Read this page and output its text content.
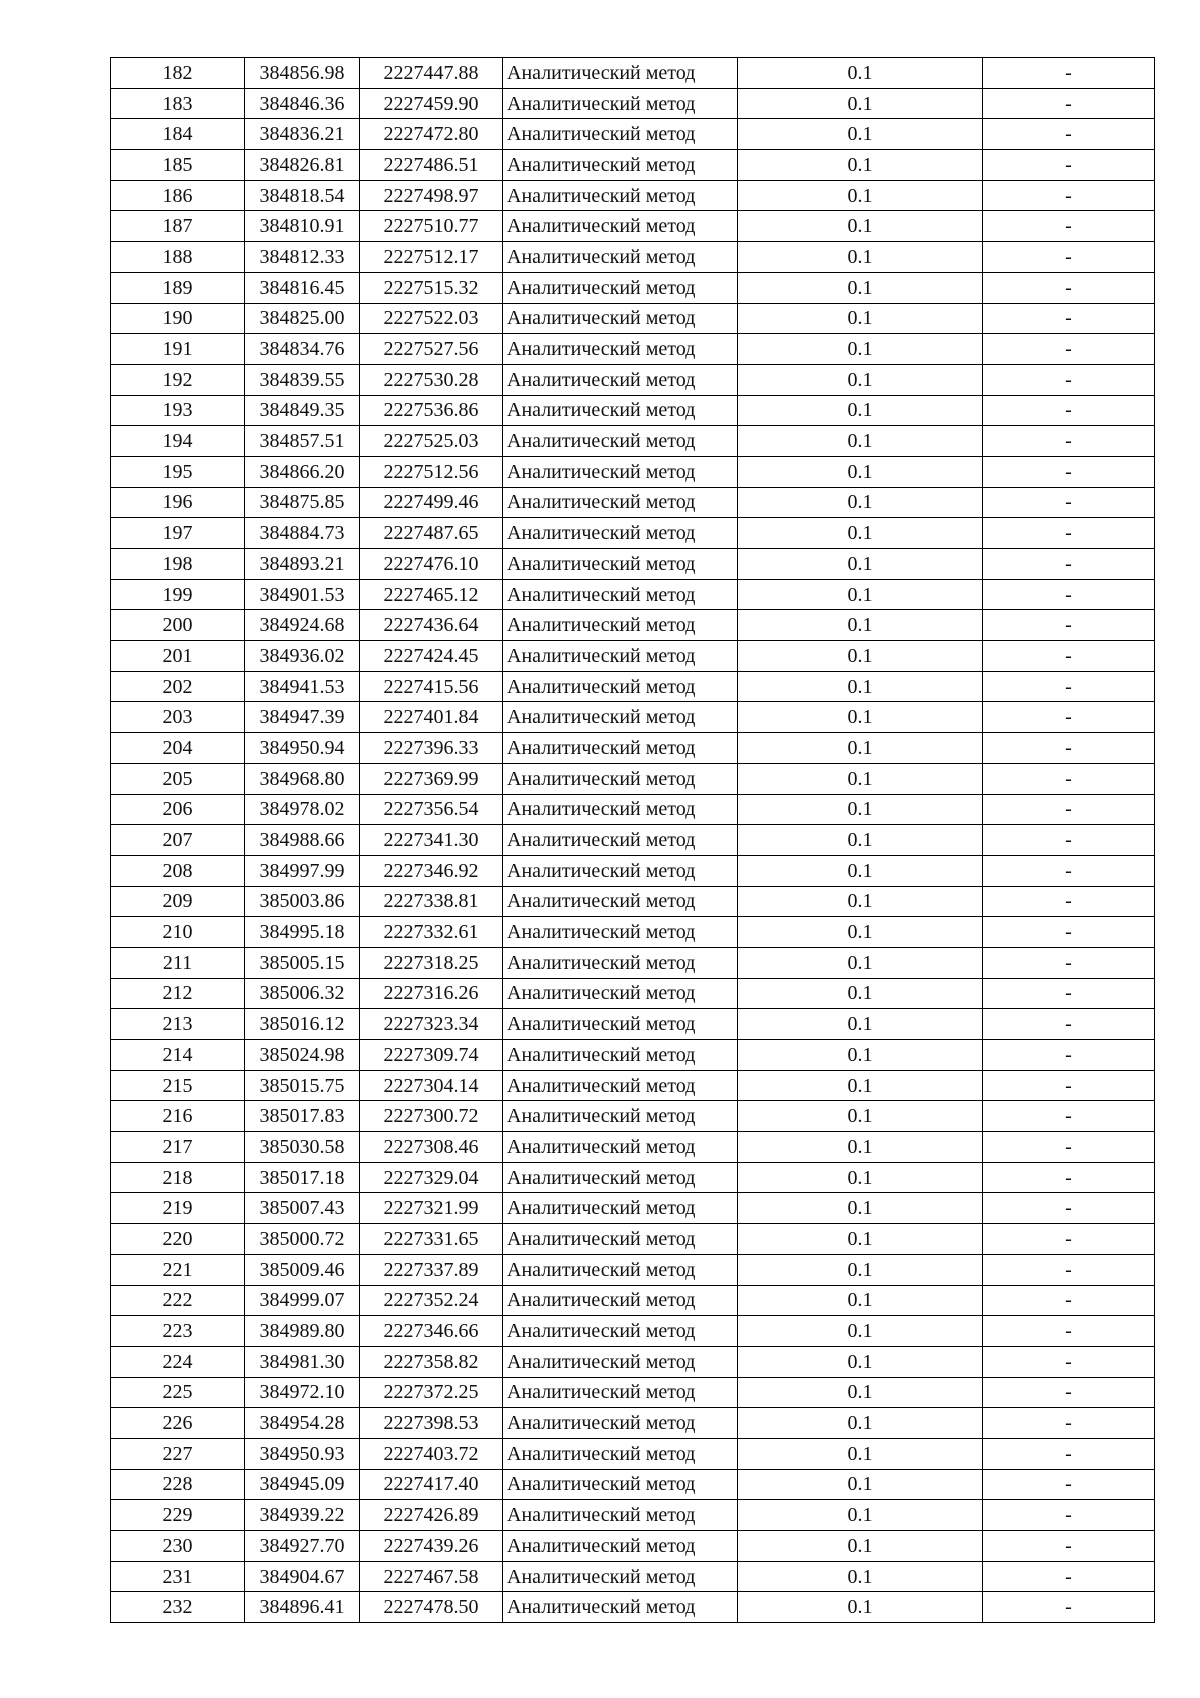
182	384856.98	2227447.88	Аналитический метод	0.1	-
183	384846.36	2227459.90	Аналитический метод	0.1	-
184	384836.21	2227472.80	Аналитический метод	0.1	-
185	384826.81	2227486.51	Аналитический метод	0.1	-
186	384818.54	2227498.97	Аналитический метод	0.1	-
187	384810.91	2227510.77	Аналитический метод	0.1	-
188	384812.33	2227512.17	Аналитический метод	0.1	-
189	384816.45	2227515.32	Аналитический метод	0.1	-
190	384825.00	2227522.03	Аналитический метод	0.1	-
191	384834.76	2227527.56	Аналитический метод	0.1	-
192	384839.55	2227530.28	Аналитический метод	0.1	-
193	384849.35	2227536.86	Аналитический метод	0.1	-
194	384857.51	2227525.03	Аналитический метод	0.1	-
195	384866.20	2227512.56	Аналитический метод	0.1	-
196	384875.85	2227499.46	Аналитический метод	0.1	-
197	384884.73	2227487.65	Аналитический метод	0.1	-
198	384893.21	2227476.10	Аналитический метод	0.1	-
199	384901.53	2227465.12	Аналитический метод	0.1	-
200	384924.68	2227436.64	Аналитический метод	0.1	-
201	384936.02	2227424.45	Аналитический метод	0.1	-
202	384941.53	2227415.56	Аналитический метод	0.1	-
203	384947.39	2227401.84	Аналитический метод	0.1	-
204	384950.94	2227396.33	Аналитический метод	0.1	-
205	384968.80	2227369.99	Аналитический метод	0.1	-
206	384978.02	2227356.54	Аналитический метод	0.1	-
207	384988.66	2227341.30	Аналитический метод	0.1	-
208	384997.99	2227346.92	Аналитический метод	0.1	-
209	385003.86	2227338.81	Аналитический метод	0.1	-
210	384995.18	2227332.61	Аналитический метод	0.1	-
211	385005.15	2227318.25	Аналитический метод	0.1	-
212	385006.32	2227316.26	Аналитический метод	0.1	-
213	385016.12	2227323.34	Аналитический метод	0.1	-
214	385024.98	2227309.74	Аналитический метод	0.1	-
215	385015.75	2227304.14	Аналитический метод	0.1	-
216	385017.83	2227300.72	Аналитический метод	0.1	-
217	385030.58	2227308.46	Аналитический метод	0.1	-
218	385017.18	2227329.04	Аналитический метод	0.1	-
219	385007.43	2227321.99	Аналитический метод	0.1	-
220	385000.72	2227331.65	Аналитический метод	0.1	-
221	385009.46	2227337.89	Аналитический метод	0.1	-
222	384999.07	2227352.24	Аналитический метод	0.1	-
223	384989.80	2227346.66	Аналитический метод	0.1	-
224	384981.30	2227358.82	Аналитический метод	0.1	-
225	384972.10	2227372.25	Аналитический метод	0.1	-
226	384954.28	2227398.53	Аналитический метод	0.1	-
227	384950.93	2227403.72	Аналитический метод	0.1	-
228	384945.09	2227417.40	Аналитический метод	0.1	-
229	384939.22	2227426.89	Аналитический метод	0.1	-
230	384927.70	2227439.26	Аналитический метод	0.1	-
231	384904.67	2227467.58	Аналитический метод	0.1	-
232	384896.41	2227478.50	Аналитический метод	0.1	-
